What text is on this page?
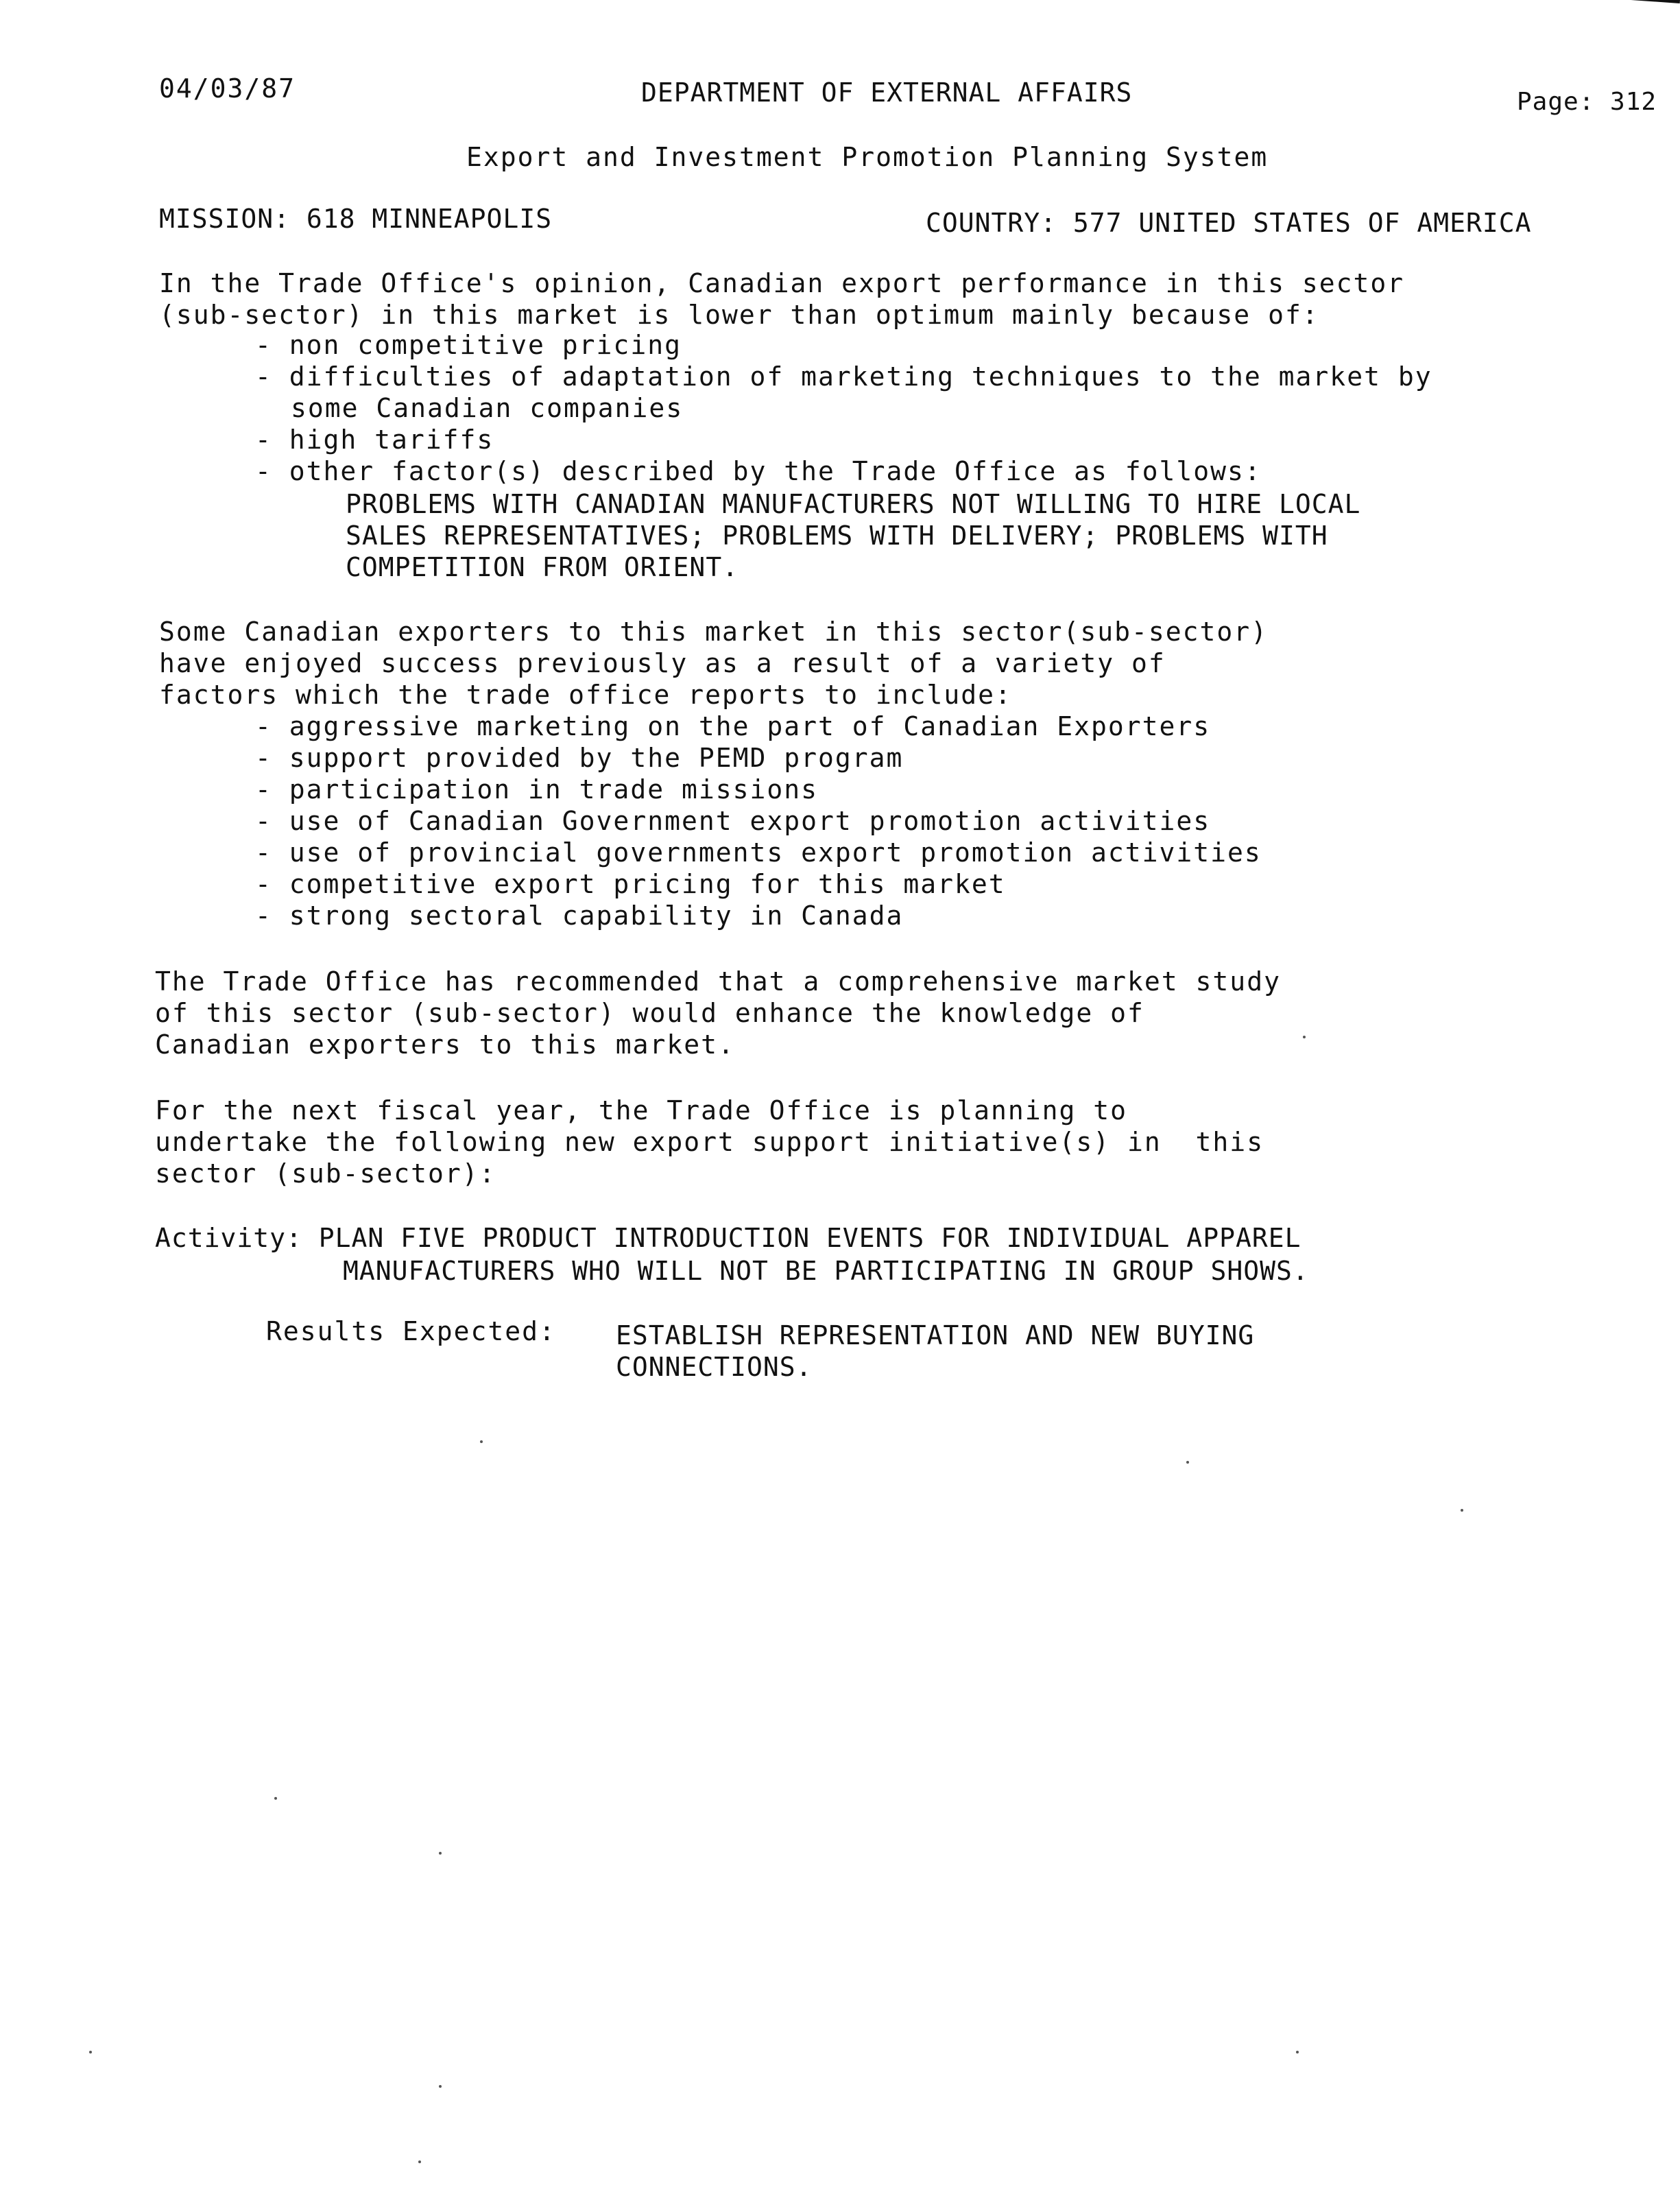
04/03/87	DEPARTMENT OF EXTERNAL AFFAIRS	Page: 312
Export and Investment Promotion Planning System
MISSION: 618 MINNEAPOLIS	COUNTRY: 577 UNITED STATES OF AMERICA
In the Trade Office's opinion, Canadian export performance in this sector
(sub-sector) in this market is lower than optimum mainly because of:
- non competitive pricing
- difficulties of adaptation of marketing techniques to the market by
some Canadian companies
- high tariffs
- other factor(s) described by the Trade Office as follows:
PROBLEMS WITH CANADIAN MANUFACTURERS NOT WILLING TO HIRE LOCAL
SALES REPRESENTATIVES; PROBLEMS WITH DELIVERY; PROBLEMS WITH
COMPETITION FROM ORIENT.
Some Canadian exporters to this market in this sector(sub-sector)
have enjoyed success previously as a result of a variety of
factors which the trade office reports to include:
- aggressive marketing on the part of Canadian Exporters
- support provided by the PEMD program
- participation in trade missions
- use of Canadian Government export promotion activities
- use of provincial governments export promotion activities
- competitive export pricing for this market
- strong sectoral capability in Canada
The Trade Office has recommended that a comprehensive market study
of this sector (sub-sector) would enhance the knowledge of
Canadian exporters to this market.
For the next fiscal year, the Trade Office is planning to
undertake the following new export support initiative(s) in  this
sector (sub-sector):
Activity: PLAN FIVE PRODUCT INTRODUCTION EVENTS FOR INDIVIDUAL APPAREL
MANUFACTURERS WHO WILL NOT BE PARTICIPATING IN GROUP SHOWS.
Results Expected: ESTABLISH REPRESENTATION AND NEW BUYING
CONNECTIONS.
